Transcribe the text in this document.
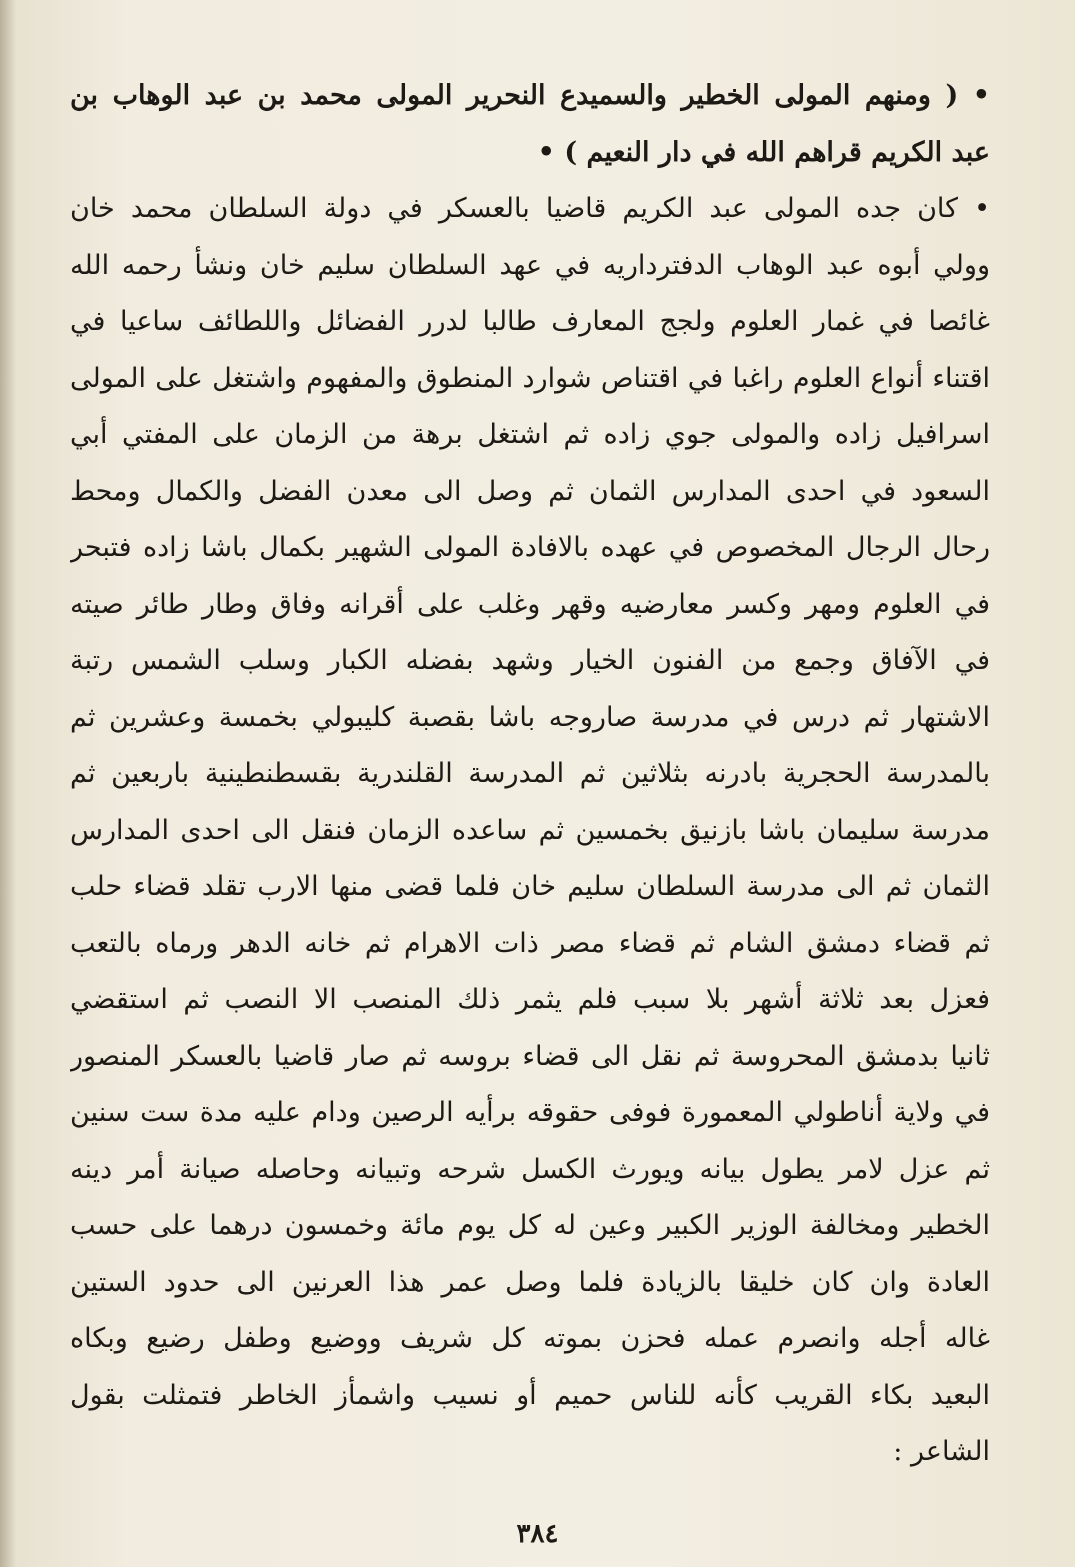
• ( ومنهم المولى الخطير والسميدع النحرير المولى محمد بن عبد الوهاب بن
عبد الكريم قراهم الله في دار النعيم ) •
• كان جده المولى عبد الكريم قاضيا بالعسكر في دولة السلطان محمد خان
وولي أبوه عبد الوهاب الدفترداريه في عهد السلطان سليم خان ونشأ رحمه الله
غائصا في غمار العلوم ولجج المعارف طالبا لدرر الفضائل واللطائف ساعيا في
اقتناء أنواع العلوم راغبا في اقتناص شوارد المنطوق والمفهوم واشتغل على المولى
اسرافيل زاده والمولى جوي زاده ثم اشتغل برهة من الزمان على المفتي أبي
السعود في احدى المدارس الثمان ثم وصل الى معدن الفضل والكمال ومحط
رحال الرجال المخصوص في عهده بالافادة المولى الشهير بكمال باشا زاده فتبحر
في العلوم ومهر وكسر معارضيه وقهر وغلب على أقرانه وفاق وطار طائر صيته
في الآفاق وجمع من الفنون الخيار وشهد بفضله الكبار وسلب الشمس رتبة
الاشتهار ثم درس في مدرسة صاروجه باشا بقصبة كليبولي بخمسة وعشرين ثم
بالمدرسة الحجرية بادرنه بثلاثين ثم المدرسة القلندرية بقسطنطينية باربعين ثم
مدرسة سليمان باشا بازنيق بخمسين ثم ساعده الزمان فنقل الى احدى المدارس
الثمان ثم الى مدرسة السلطان سليم خان فلما قضى منها الارب تقلد قضاء حلب
ثم قضاء دمشق الشام ثم قضاء مصر ذات الاهرام ثم خانه الدهر ورماه بالتعب
فعزل بعد ثلاثة أشهر بلا سبب فلم يثمر ذلك المنصب الا النصب ثم استقضي
ثانيا بدمشق المحروسة ثم نقل الى قضاء بروسه ثم صار قاضيا بالعسكر المنصور
في ولاية أناطولي المعمورة فوفى حقوقه برأيه الرصين ودام عليه مدة ست سنين
ثم عزل لامر يطول بيانه ويورث الكسل شرحه وتبيانه وحاصله صيانة أمر دينه
الخطير ومخالفة الوزير الكبير وعين له كل يوم مائة وخمسون درهما على حسب
العادة وان كان خليقا بالزيادة فلما وصل عمر هذا العرنين الى حدود الستين
غاله أجله وانصرم عمله فحزن بموته كل شريف ووضيع وطفل رضيع وبكاه
البعيد بكاء القريب كأنه للناس حميم أو نسيب واشمأز الخاطر فتمثلت بقول
الشاعر :
٣٨٤
